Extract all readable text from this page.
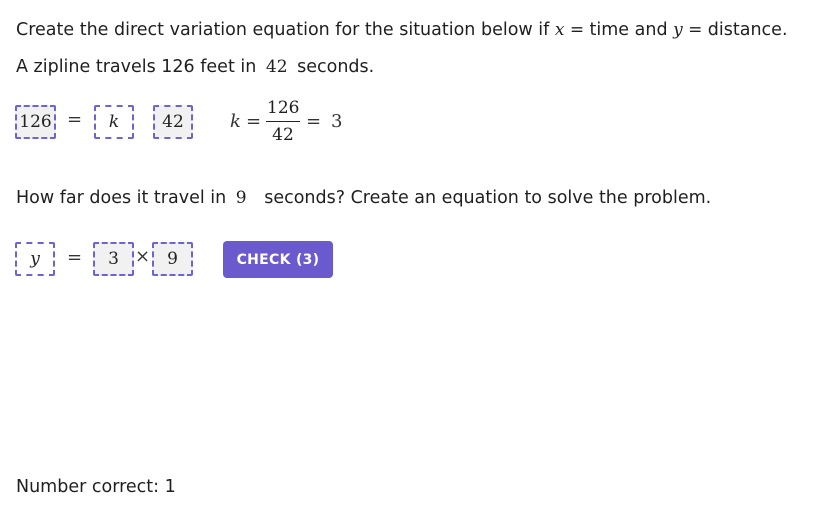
Create the direct variation equation for the situation below if x = time and y = distance.
A zipline travels 126 feet in 42 seconds.
126 = k	42	k =
126
42
= 3
How far does it travel in 9 seconds? Create an equation to solve the problem.
y = 3 × 9	CHECK (3)
Number correct: 1
